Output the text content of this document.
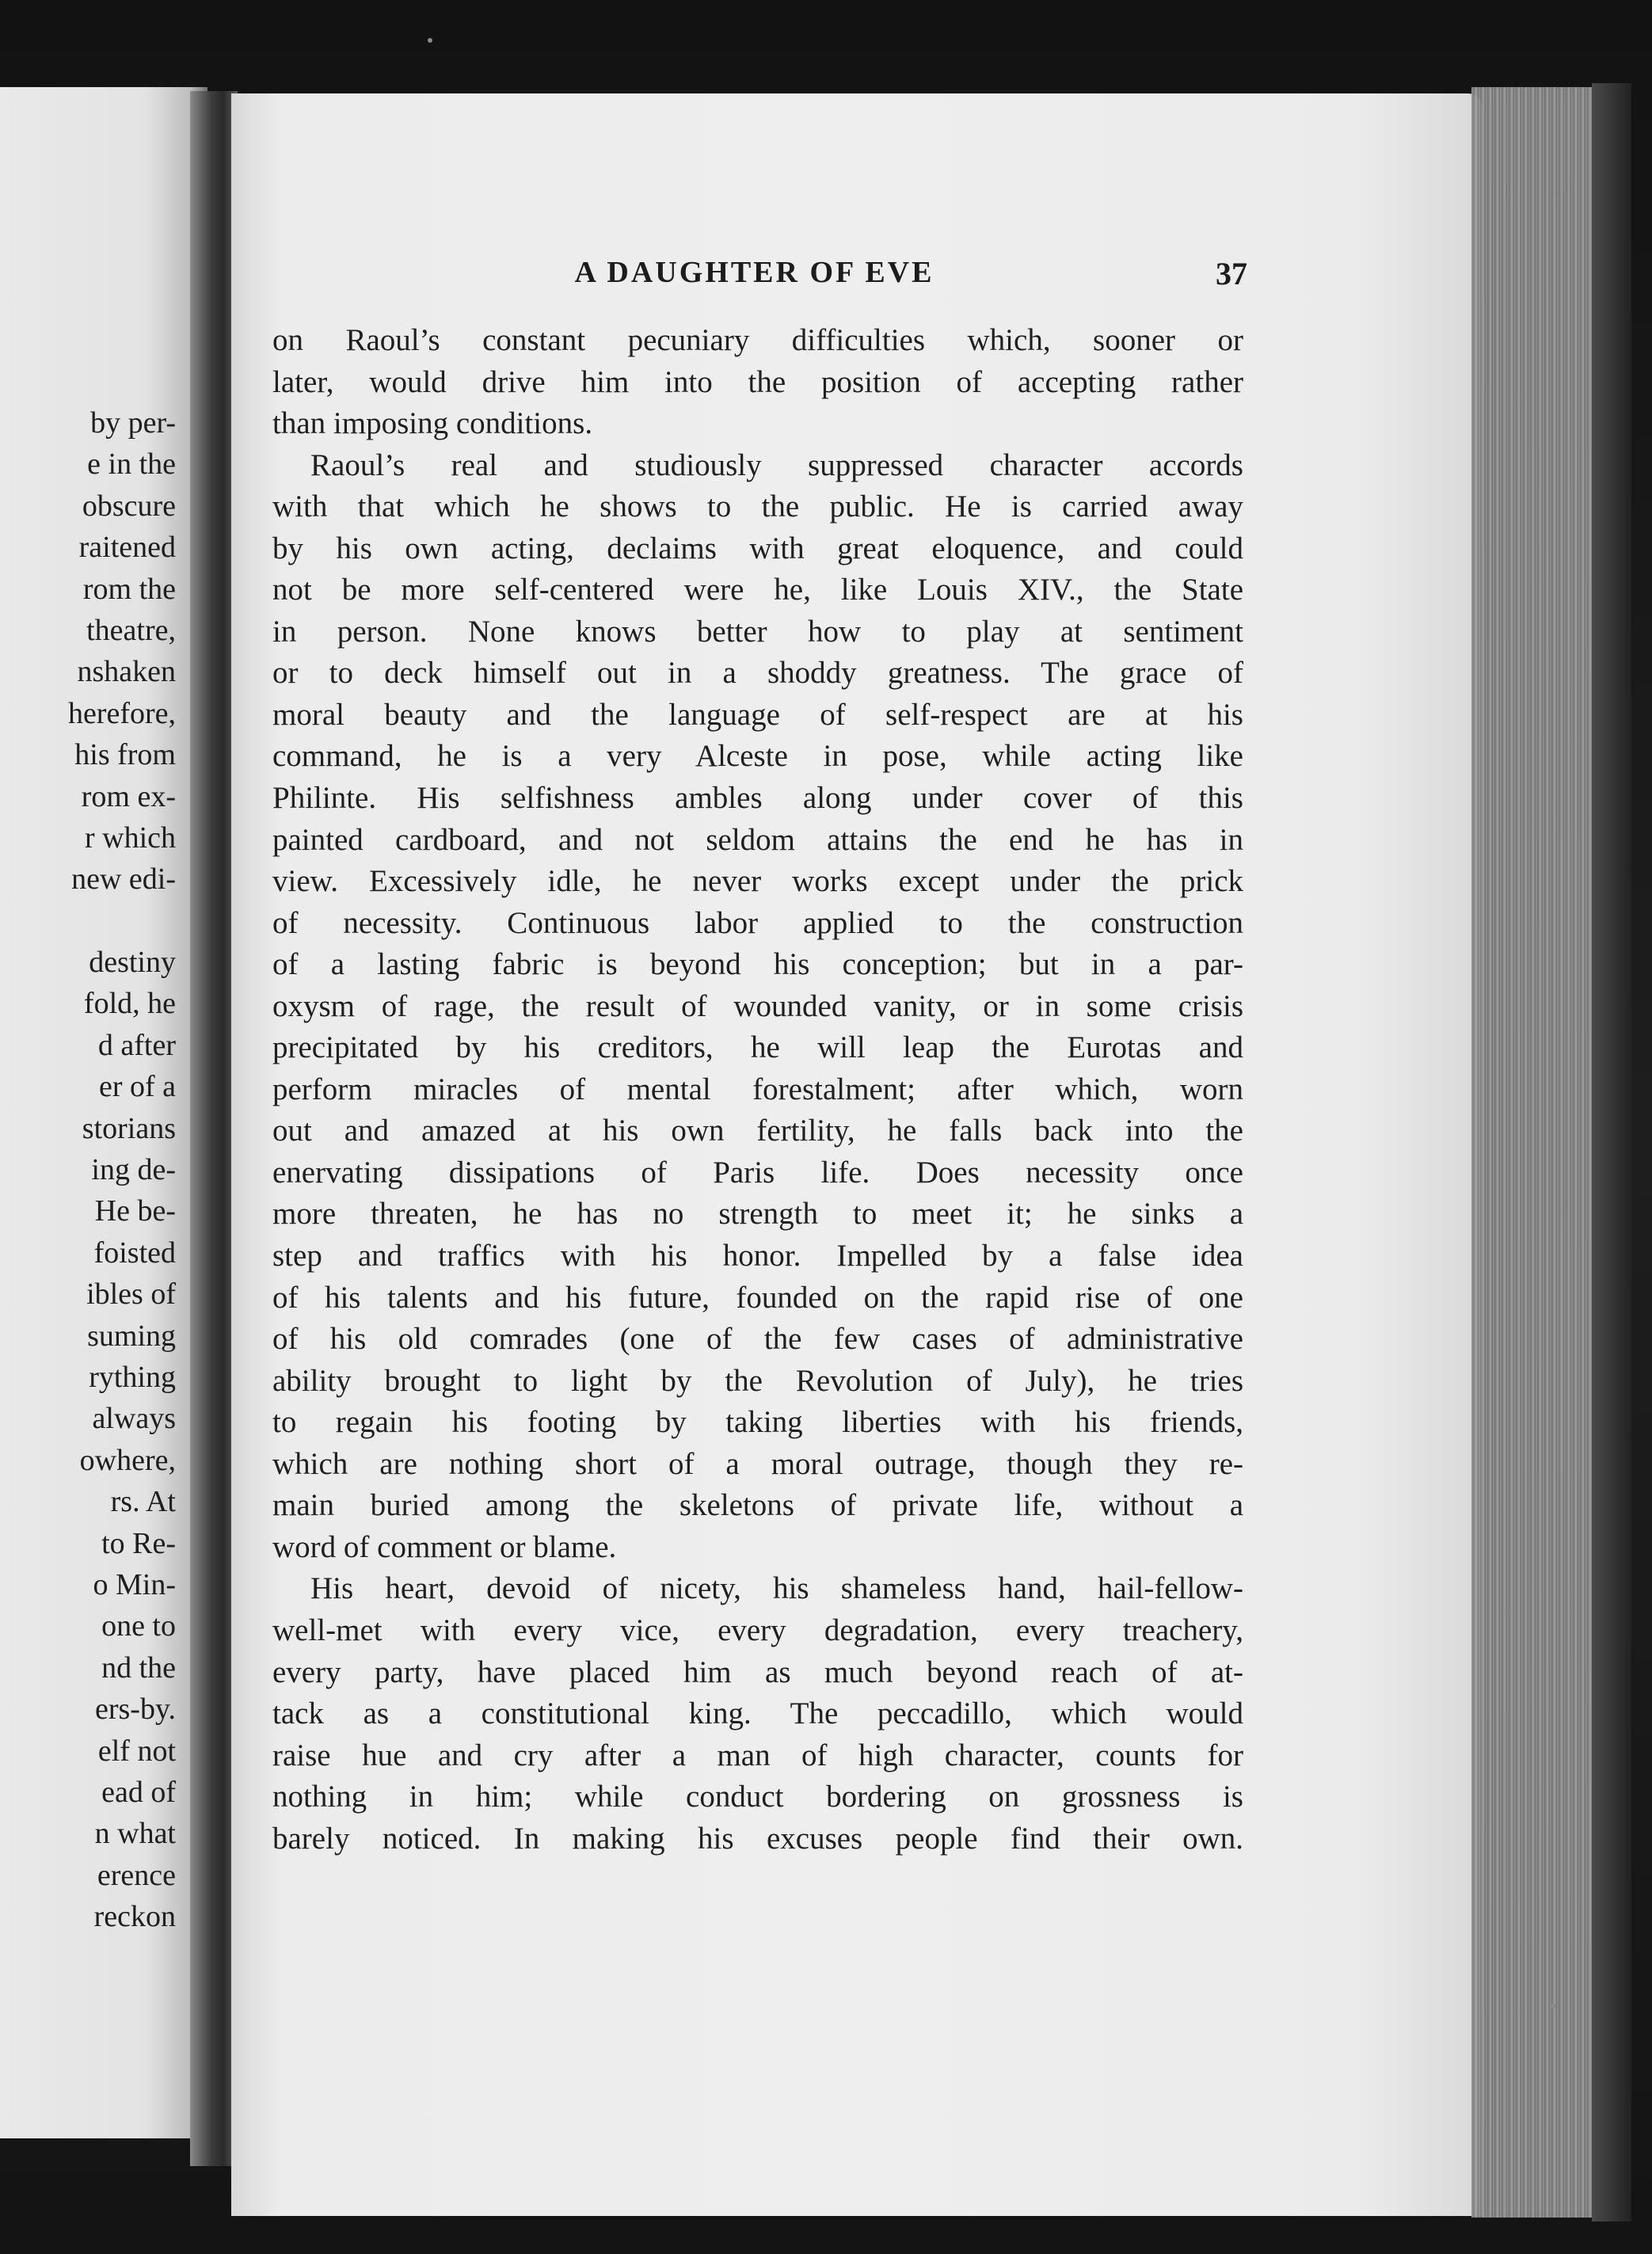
by per-
e in the
obscure
raitened
rom the
theatre,
nshaken
herefore,
his from
rom ex-
r which
new edi-
destiny
fold, he
d after
er of a
storians
ing de-
He be-
foisted
ibles of
suming
rything
always
owhere,
rs. At
to Re-
o Min-
one to
nd the
ers-by.
elf not
ead of
n what
erence
reckon
A DAUGHTER OF EVE	37
on Raoul’s constant pecuniary difficulties which, sooner or
later, would drive him into the position of accepting rather
than imposing conditions.
Raoul’s real and studiously suppressed character accords
with that which he shows to the public. He is carried away
by his own acting, declaims with great eloquence, and could
not be more self-centered were he, like Louis XIV., the State
in person. None knows better how to play at sentiment
or to deck himself out in a shoddy greatness. The grace of
moral beauty and the language of self-respect are at his
command, he is a very Alceste in pose, while acting like
Philinte. His selfishness ambles along under cover of this
painted cardboard, and not seldom attains the end he has in
view. Excessively idle, he never works except under the prick
of necessity. Continuous labor applied to the construction
of a lasting fabric is beyond his conception; but in a par-
oxysm of rage, the result of wounded vanity, or in some crisis
precipitated by his creditors, he will leap the Eurotas and
perform miracles of mental forestalment; after which, worn
out and amazed at his own fertility, he falls back into the
enervating dissipations of Paris life. Does necessity once
more threaten, he has no strength to meet it; he sinks a
step and traffics with his honor. Impelled by a false idea
of his talents and his future, founded on the rapid rise of one
of his old comrades (one of the few cases of administrative
ability brought to light by the Revolution of July), he tries
to regain his footing by taking liberties with his friends,
which are nothing short of a moral outrage, though they re-
main buried among the skeletons of private life, without a
word of comment or blame.
His heart, devoid of nicety, his shameless hand, hail-fellow-
well-met with every vice, every degradation, every treachery,
every party, have placed him as much beyond reach of at-
tack as a constitutional king. The peccadillo, which would
raise hue and cry after a man of high character, counts for
nothing in him; while conduct bordering on grossness is
barely noticed. In making his excuses people find their own.
